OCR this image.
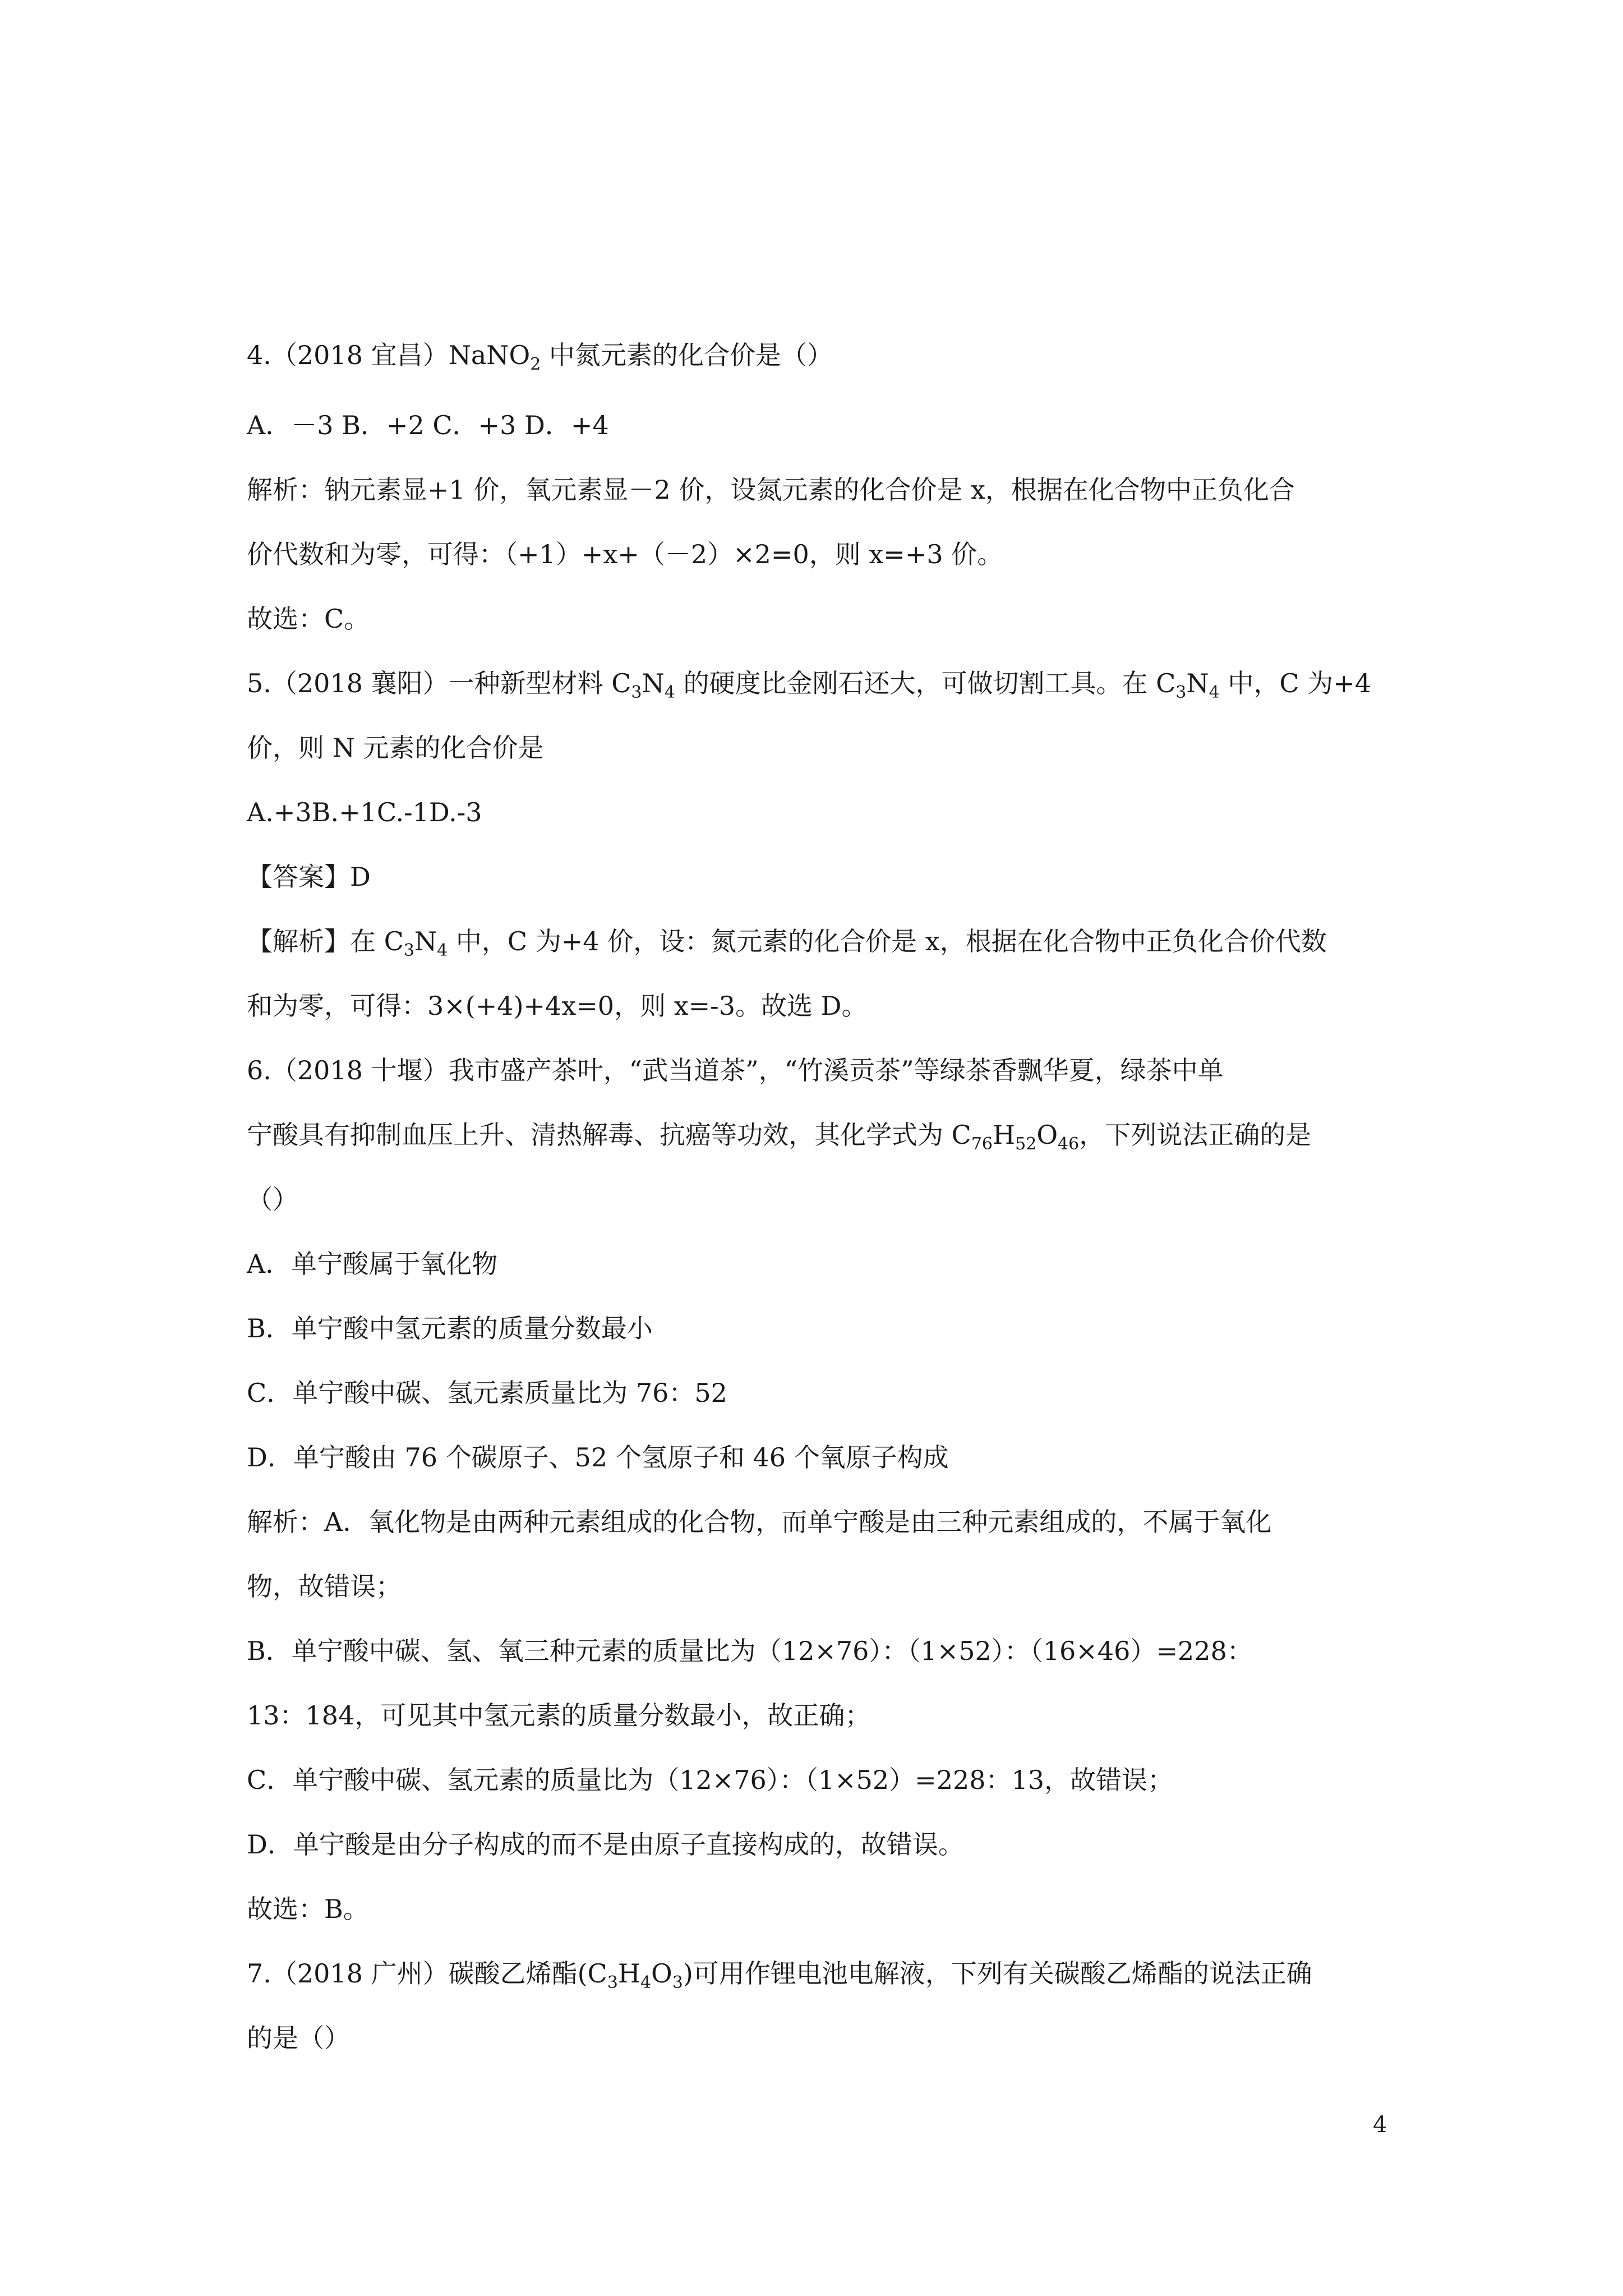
4.（2018 宜昌）NaNO$_2$ 中氮元素的化合价是（）
A．－3 B．+2 C．+3 D．+4
解析：钠元素显+1 价，氧元素显－2 价，设氮元素的化合价是 x，根据在化合物中正负化合
价代数和为零，可得：（+1）+x+（－2）×2=0，则 x=+3 价。
故选：C。
5.（2018 襄阳）一种新型材料 $C_3N_4$ 的硬度比金刚石还大，可做切割工具。在 $C_3N_4$ 中，C 为+4
价，则 N 元素的化合价是
A.+3B.+1C.-1D.-3
【答案】D
【解析】在 $C_3N_4$ 中，C 为+4 价，设：氮元素的化合价是 x，根据在化合物中正负化合价代数
和为零，可得：3×(+4)+4x=0，则 x=-3。故选 D。
6.（2018 十堰）我市盛产茶叶，“武当道茶”，“竹溪贡茶”等绿茶香飘华夏，绿茶中单
宁酸具有抑制血压上升、清热解毒、抗癌等功效，其化学式为 $C_{76}H_{52}O_{46}$，下列说法正确的是
（）
A．单宁酸属于氧化物
B．单宁酸中氢元素的质量分数最小
C．单宁酸中碳、氢元素质量比为 76：52
D．单宁酸由 76 个碳原子、52 个氢原子和 46 个氧原子构成
解析：A．氧化物是由两种元素组成的化合物，而单宁酸是由三种元素组成的，不属于氧化
物，故错误；
B．单宁酸中碳、氢、氧三种元素的质量比为（12×76）：（1×52）：（16×46）=228：
13：184，可见其中氢元素的质量分数最小，故正确；
C．单宁酸中碳、氢元素的质量比为（12×76）：（1×52）=228：13，故错误；
D．单宁酸是由分子构成的而不是由原子直接构成的，故错误。
故选：B。
7.（2018 广州）碳酸乙烯酯$(C_3H_4O_3)$可用作锂电池电解液，下列有关碳酸乙烯酯的说法正确
的是（）
4
